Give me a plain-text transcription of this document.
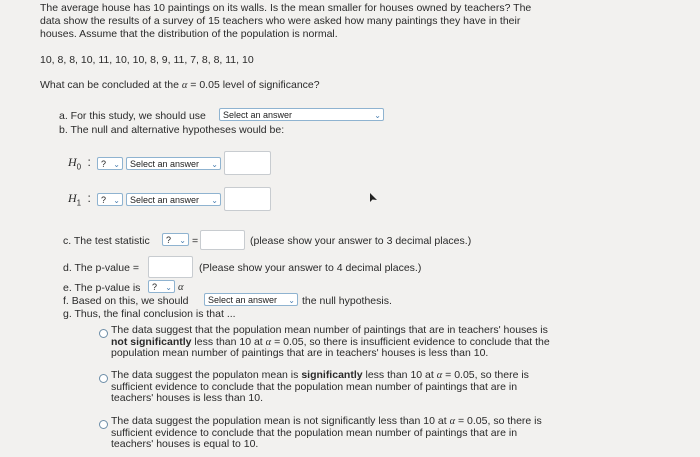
The average house has 10 paintings on its walls. Is the mean smaller for houses owned by teachers? The
data show the results of a survey of 15 teachers who were asked how many paintings they have in their
houses. Assume that the distribution of the population is normal.
10, 8, 8, 10, 11, 10, 10, 8, 9, 11, 7, 8, 8, 11, 10
What can be concluded at the α = 0.05 level of significance?
a. For this study, we should use	Select an answer	⌄
b. The null and alternative hypotheses would be:
$H_0$ :	? ⌄	Select an answer ⌄
$H_1$ :	? ⌄	Select an answer ⌄
c. The test statistic	? ⌄ =	(please show your answer to 3 decimal places.)
d. The p-value =	(Please show your answer to 4 decimal places.)
e. The p-value is	? ⌄ α
f. Based on this, we should	Select an answer ⌄ the null hypothesis.
g. Thus, the final conclusion is that ...
The data suggest that the population mean number of paintings that are in teachers' houses is
not significantly less than 10 at α = 0.05, so there is insufficient evidence to conclude that the
population mean number of paintings that are in teachers' houses is less than 10.
The data suggest the populaton mean is significantly less than 10 at α = 0.05, so there is
sufficient evidence to conclude that the population mean number of paintings that are in
teachers' houses is less than 10.
The data suggest the population mean is not significantly less than 10 at α = 0.05, so there is
sufficient evidence to conclude that the population mean number of paintings that are in
teachers' houses is equal to 10.
